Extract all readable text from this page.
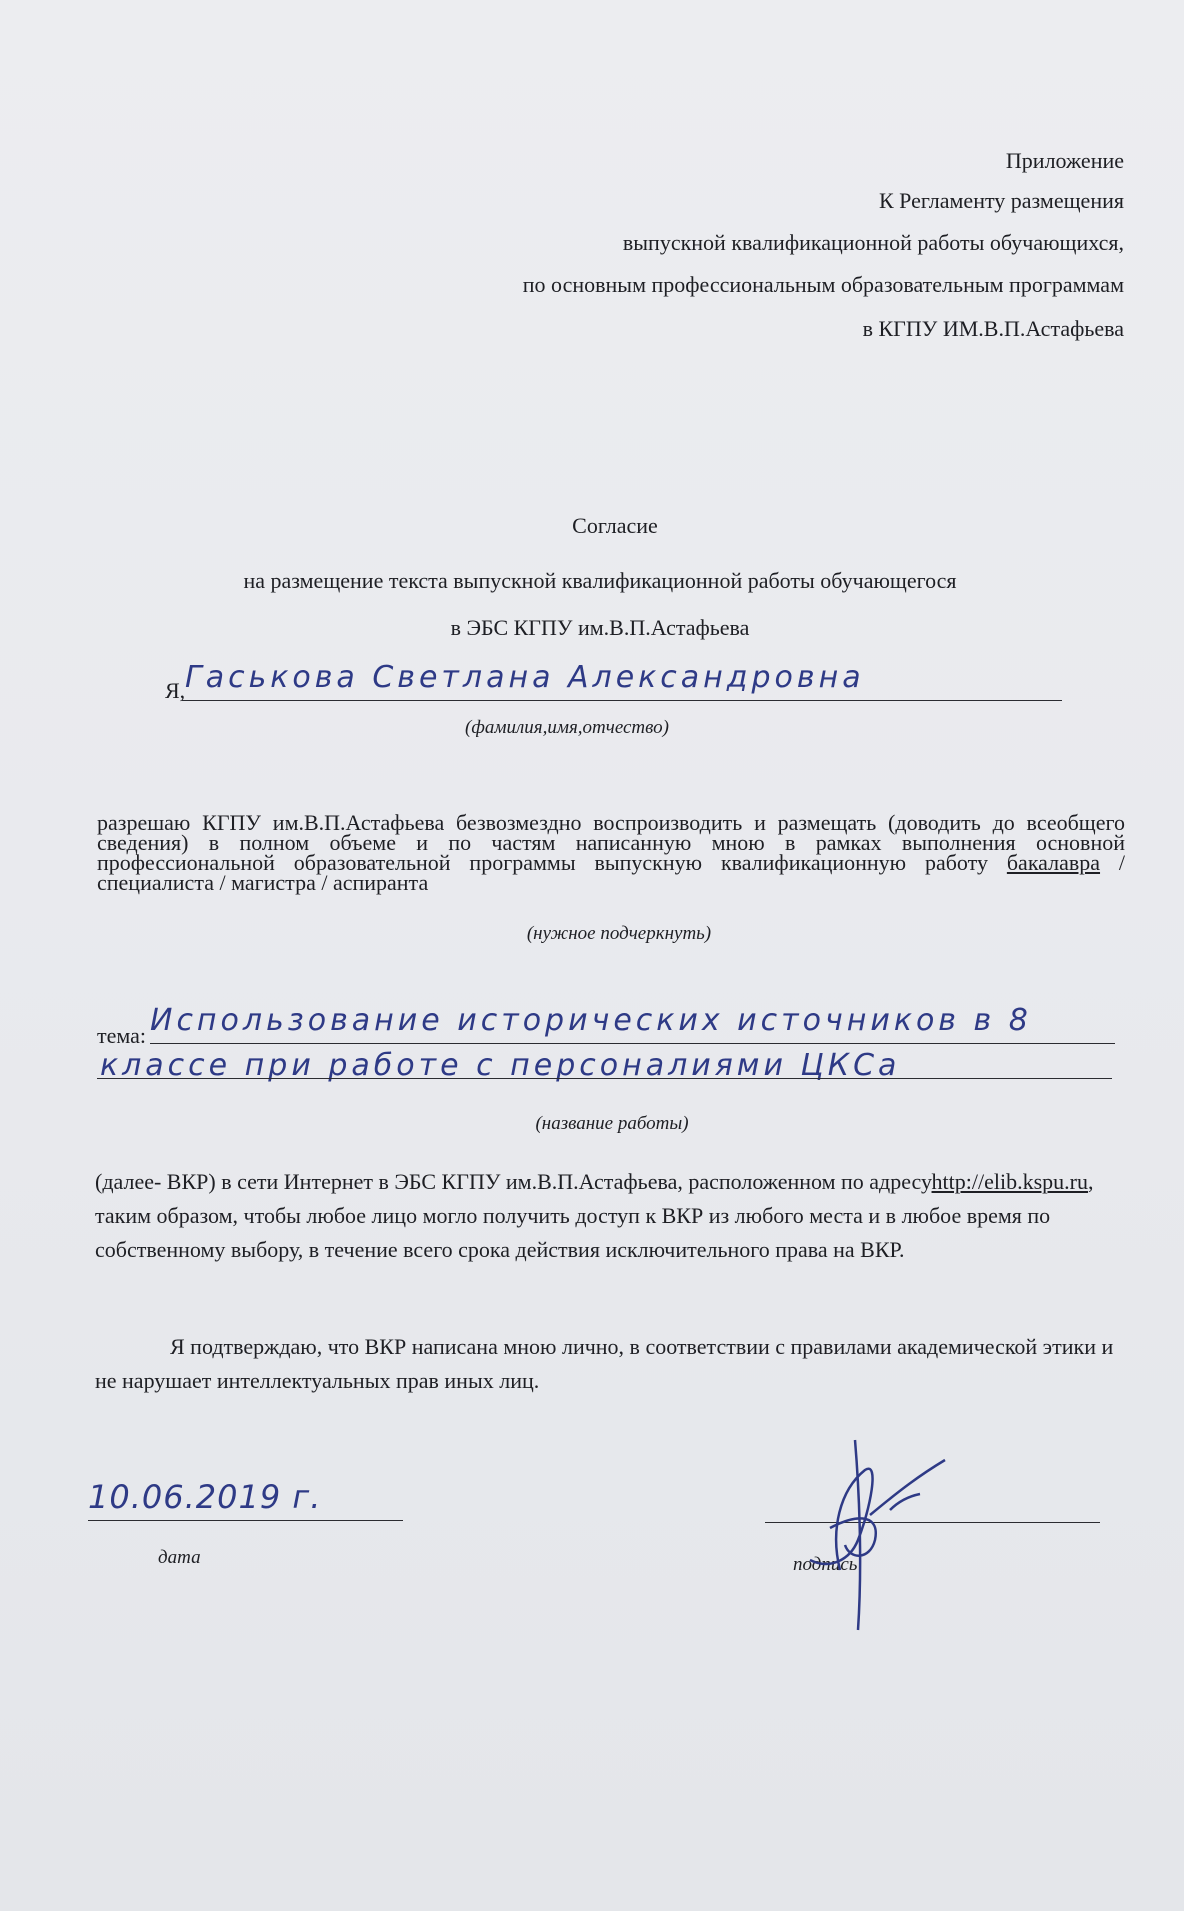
Приложение
К Регламенту размещения
выпускной квалификационной работы обучающихся,
по основным профессиональным образовательным программам
в КГПУ ИМ.В.П.Астафьева
Согласие
на размещение текста выпускной квалификационной работы обучающегося
в ЭБС КГПУ им.В.П.Астафьева
Я, Гаськова Светлана Александровна
(фамилия,имя,отчество)
разрешаю КГПУ им.В.П.Астафьева безвозмездно воспроизводить и размещать (доводить до всеобщего сведения) в полном объеме и по частям написанную мною в рамках выполнения основной профессиональной образовательной программы выпускную квалификационную работу бакалавра / специалиста / магистра / аспиранта
(нужное подчеркнуть)
тема: Использование исторических источников в 8
классе при работе с персоналиями ЦКСа
(название работы)
(далее- ВКР) в сети Интернет в ЭБС КГПУ им.В.П.Астафьева, расположенном по адресу http://elib.kspu.ru, таким образом, чтобы любое лицо могло получить доступ к ВКР из любого места и в любое время по собственному выбору, в течение всего срока действия исключительного права на ВКР.
Я подтверждаю, что ВКР написана мною лично, в соответствии с правилами академической этики и не нарушает интеллектуальных прав иных лиц.
10.06.2019 г.
дата	подпись
